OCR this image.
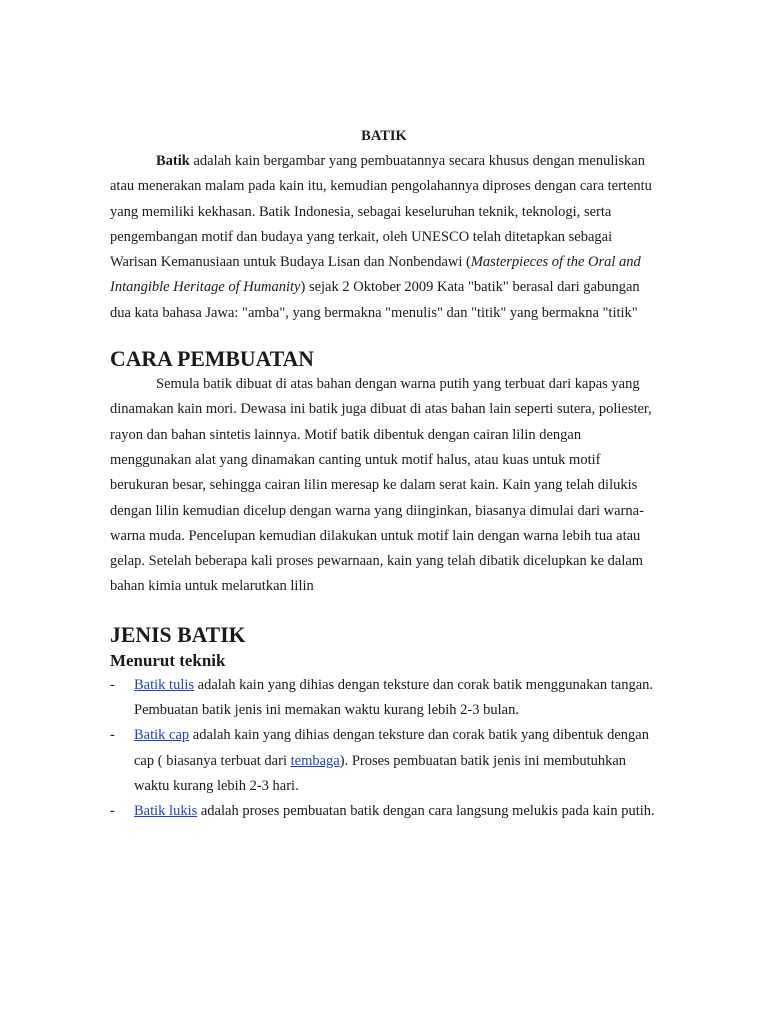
BATIK

Batik adalah kain bergambar yang pembuatannya secara khusus dengan menuliskan atau menerakan malam pada kain itu, kemudian pengolahannya diproses dengan cara tertentu yang memiliki kekhasan. Batik Indonesia, sebagai keseluruhan teknik, teknologi, serta pengembangan motif dan budaya yang terkait, oleh UNESCO telah ditetapkan sebagai Warisan Kemanusiaan untuk Budaya Lisan dan Nonbendawi (Masterpieces of the Oral and Intangible Heritage of Humanity) sejak 2 Oktober 2009 Kata "batik" berasal dari gabungan dua kata bahasa Jawa: "amba", yang bermakna "menulis" dan "titik" yang bermakna "titik"

CARA PEMBUATAN

Semula batik dibuat di atas bahan dengan warna putih yang terbuat dari kapas yang dinamakan kain mori. Dewasa ini batik juga dibuat di atas bahan lain seperti sutera, poliester, rayon dan bahan sintetis lainnya. Motif batik dibentuk dengan cairan lilin dengan menggunakan alat yang dinamakan canting untuk motif halus, atau kuas untuk motif berukuran besar, sehingga cairan lilin meresap ke dalam serat kain. Kain yang telah dilukis dengan lilin kemudian dicelup dengan warna yang diinginkan, biasanya dimulai dari warna-warna muda. Pencelupan kemudian dilakukan untuk motif lain dengan warna lebih tua atau gelap. Setelah beberapa kali proses pewarnaan, kain yang telah dibatik dicelupkan ke dalam bahan kimia untuk melarutkan lilin

JENIS BATIK
Menurut teknik
- Batik tulis adalah kain yang dihias dengan teksture dan corak batik menggunakan tangan. Pembuatan batik jenis ini memakan waktu kurang lebih 2-3 bulan.
- Batik cap adalah kain yang dihias dengan teksture dan corak batik yang dibentuk dengan cap ( biasanya terbuat dari tembaga). Proses pembuatan batik jenis ini membutuhkan waktu kurang lebih 2-3 hari.
- Batik lukis adalah proses pembuatan batik dengan cara langsung melukis pada kain putih.
